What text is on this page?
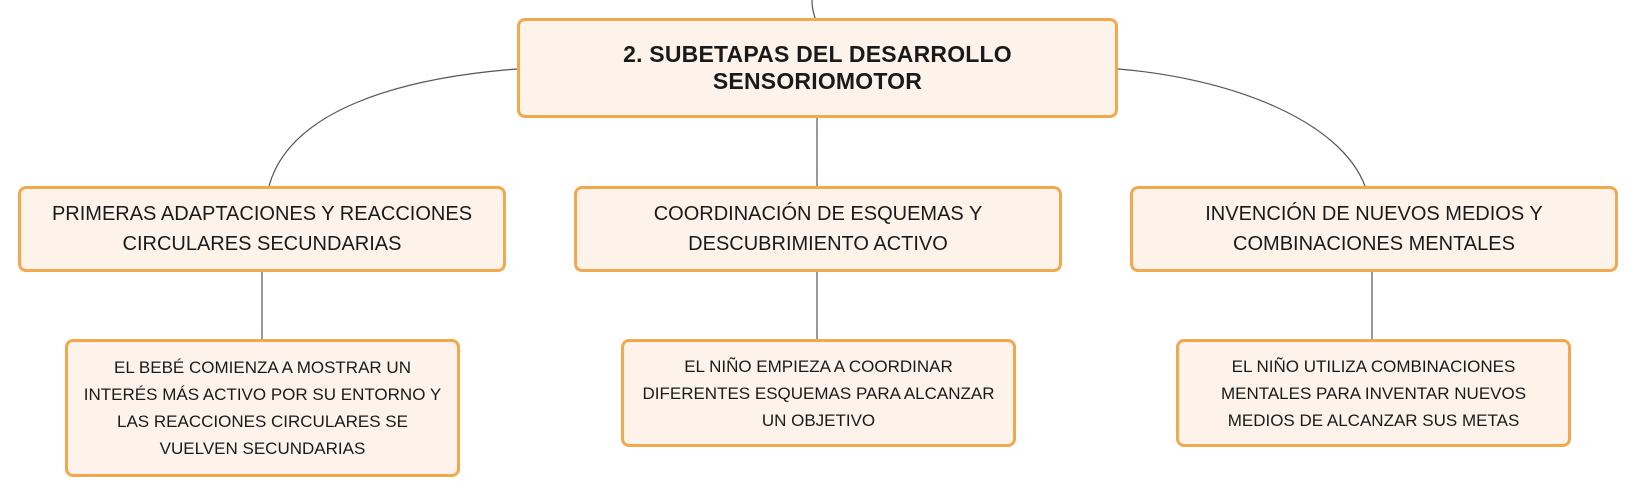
2. SUBETAPAS DEL DESARROLLO SENSORIOMOTOR
PRIMERAS ADAPTACIONES Y REACCIONES CIRCULARES SECUNDARIAS
COORDINACIÓN DE ESQUEMAS Y DESCUBRIMIENTO ACTIVO
INVENCIÓN DE NUEVOS MEDIOS Y COMBINACIONES MENTALES
EL BEBÉ COMIENZA A MOSTRAR UN INTERÉS MÁS ACTIVO POR SU ENTORNO Y LAS REACCIONES CIRCULARES SE VUELVEN SECUNDARIAS
EL NIÑO EMPIEZA A COORDINAR DIFERENTES ESQUEMAS PARA ALCANZAR UN OBJETIVO
EL NIÑO UTILIZA COMBINACIONES MENTALES PARA INVENTAR NUEVOS MEDIOS DE ALCANZAR SUS METAS
